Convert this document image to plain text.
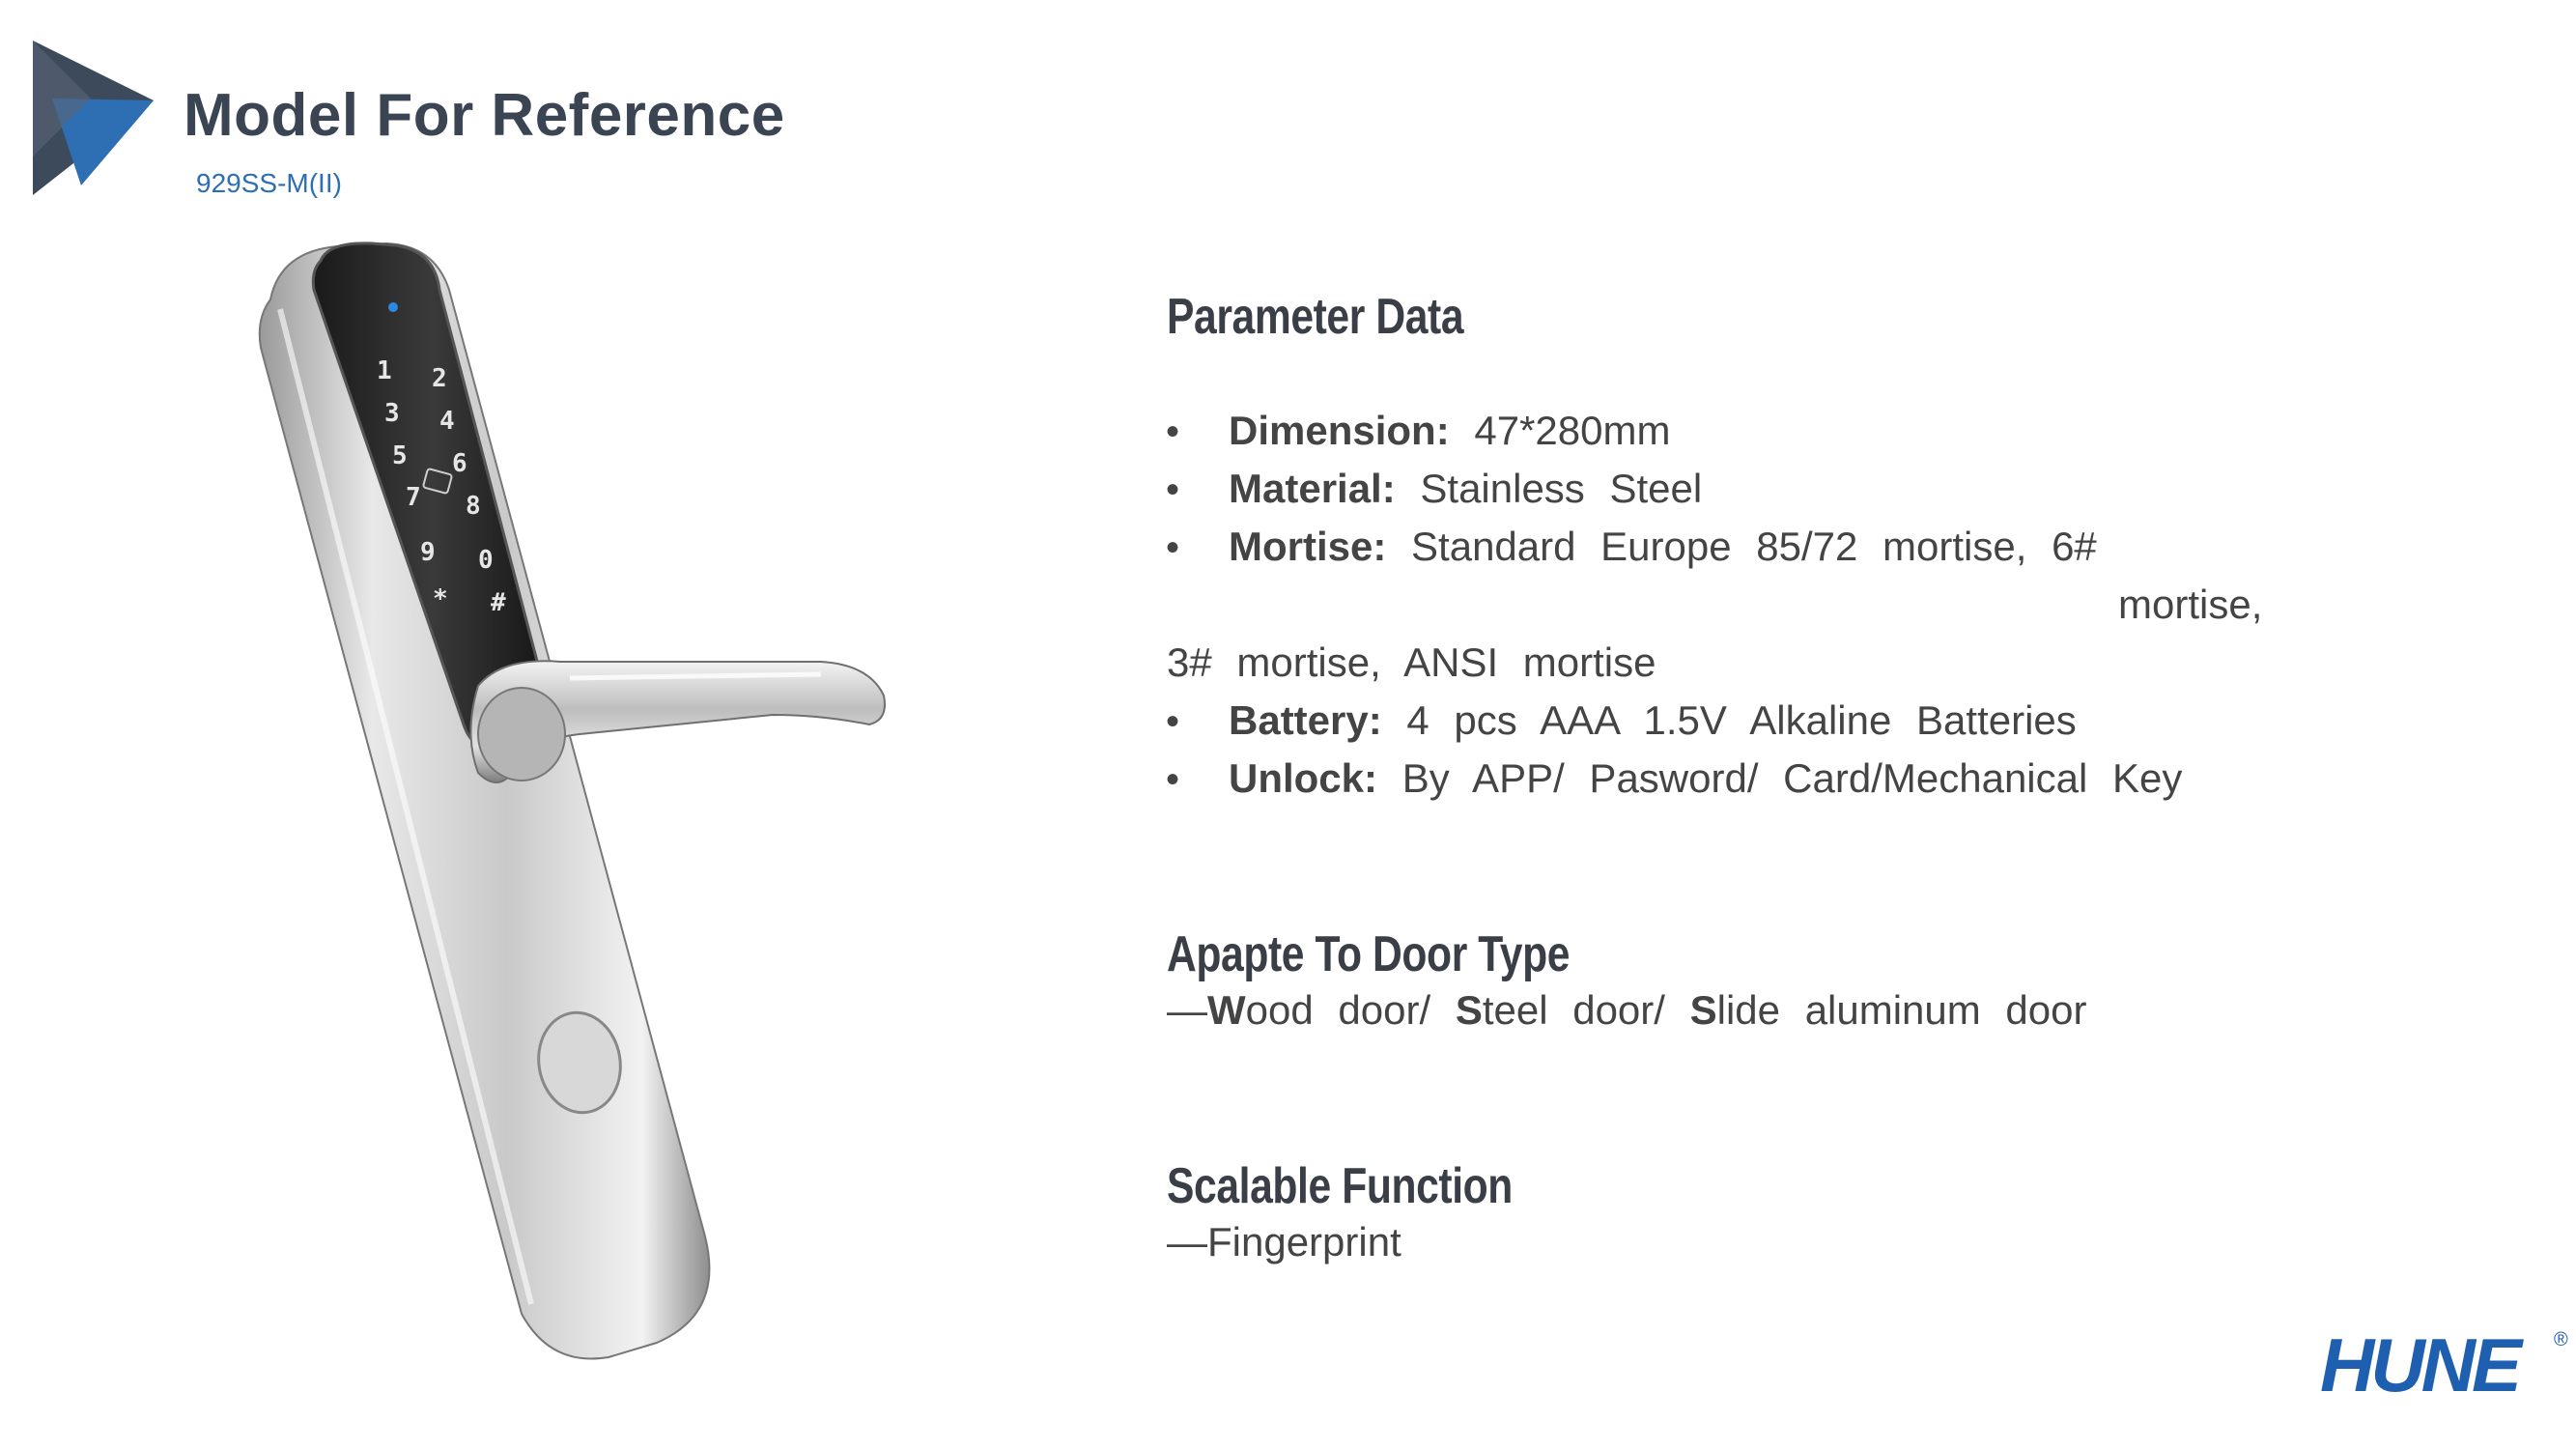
Model For Reference
929SS-M(II)
1 2
3 4
5 6
7 8
9 0
* #
Parameter Data
• Dimension: 47*280mm
• Material: Stainless Steel
• Mortise: Standard Europe 85/72 mortise, 6#
mortise,
3# mortise, ANSI mortise
• Battery: 4 pcs AAA 1.5V Alkaline Batteries
• Unlock: By APP/ Pasword/ Card/Mechanical Key
Apapte To Door Type
—Wood door/ Steel door/ Slide aluminum door
Scalable Function
—Fingerprint
HUNE ®
